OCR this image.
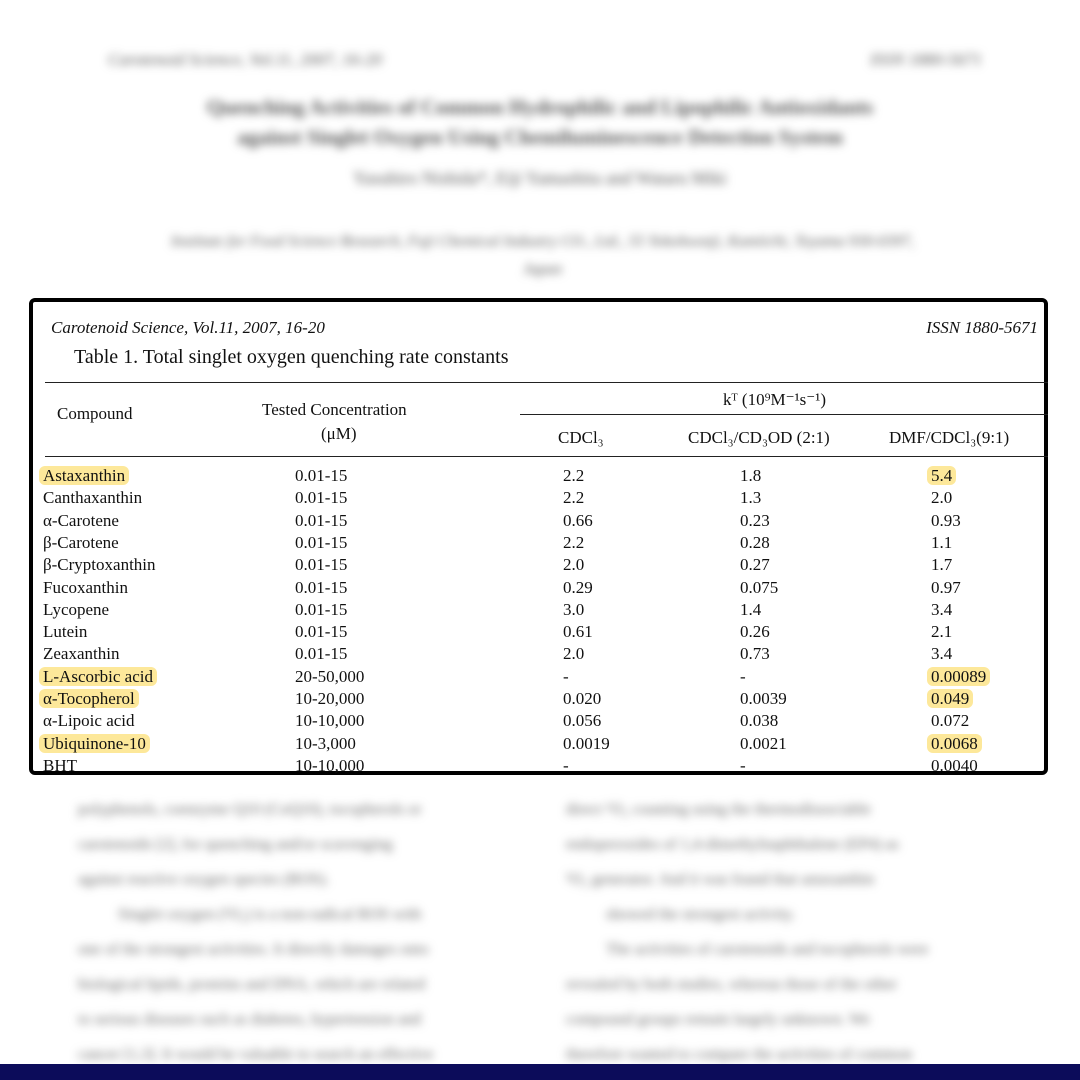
Carotenoid Science, Vol.11, 2007, 16-20	ISSN 1880-5671
Quenching Activities of Common Hydrophilic and Lipophilic Antioxidants
against Singlet Oxygen Using Chemiluminescence Detection System
Yasuhiro Nishida*, Eiji Yamashita and Wataru Miki
Institute for Food Science Research, Fuji Chemical Industry CO., Ltd., 55 Yokohoonji, Kamiichi, Toyama 930-0397,
Japan
polyphenols, coenzyme Q10 (CoQ10), tocopherols or
carotenoids [2], for quenching and/or scavenging
against reactive oxygen species (ROS).
Singlet oxygen (¹O₂) is a non-radical ROS with
one of the strongest activities. It directly damages onto
biological lipids, proteins and DNA, which are related
to serious diseases such as diabetes, hypertension and
cancer [1,3]. It would be valuable to search an effective
direct ¹O₂ counting using the thermodissociable
endoperoxides of 1,4-dimethylnaphthalene (EP4) as
¹O₂ generator. And it was found that astaxanthin
showed the strongest activity.
The activities of carotenoids and tocopherols were
revealed by both studies, whereas those of the other
compound groups remain largely unknown. We
therefore wanted to compare the activities of common
Carotenoid Science, Vol.11, 2007, 16-20	ISSN 1880-5671
Table 1. Total singlet oxygen quenching rate constants
Compound	Tested Concentration
(μM)
kᵀ (10⁹M⁻¹s⁻¹)
CDCl₃	CDCl₃/CD₃OD (2:1)	DMF/CDCl₃(9:1)
Astaxanthin	0.01-15	2.2	1.8	5.4
Canthaxanthin	0.01-15	2.2	1.3	2.0
α-Carotene	0.01-15	0.66	0.23	0.93
β-Carotene	0.01-15	2.2	0.28	1.1
β-Cryptoxanthin	0.01-15	2.0	0.27	1.7
Fucoxanthin	0.01-15	0.29	0.075	0.97
Lycopene	0.01-15	3.0	1.4	3.4
Lutein	0.01-15	0.61	0.26	2.1
Zeaxanthin	0.01-15	2.0	0.73	3.4
L-Ascorbic acid	20-50,000	-	-	0.00089
α-Tocopherol	10-20,000	0.020	0.0039	0.049
α-Lipoic acid	10-10,000	0.056	0.038	0.072
Ubiquinone-10	10-3,000	0.0019	0.0021	0.0068
BHT	10-10,000	-	-	0.0040
